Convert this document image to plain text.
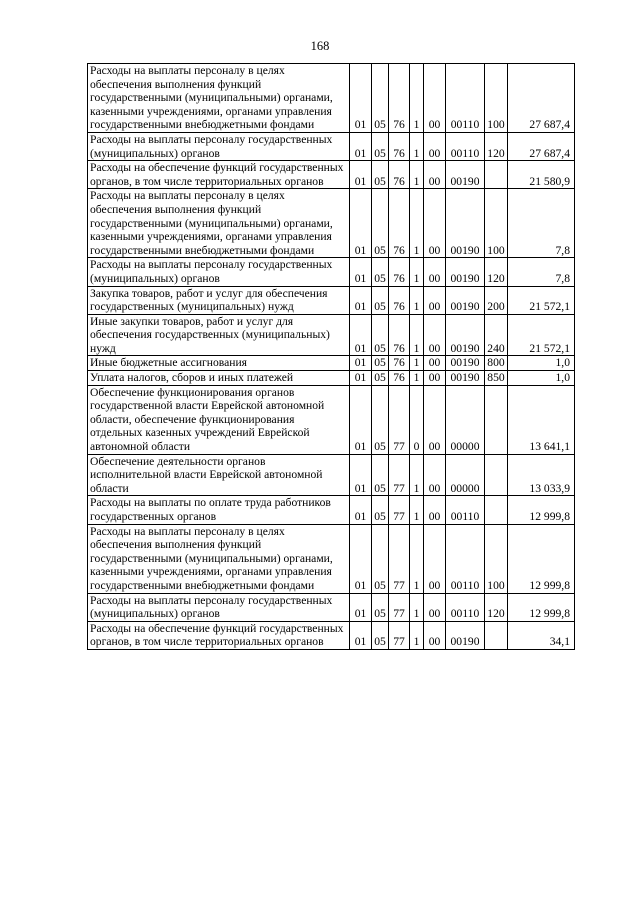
168
Расходы на выплаты персоналу в целях обеспечения выполнения функций государственными (муниципальными) органами, казенными учреждениями, органами управления государственными внебюджетными фондами	01	05	76	1	00	00110	100	27 687,4
Расходы на выплаты персоналу государственных (муниципальных) органов	01	05	76	1	00	00110	120	27 687,4
Расходы на обеспечение функций государственных органов, в том числе территориальных органов	01	05	76	1	00	00190		21 580,9
Расходы на выплаты персоналу в целях обеспечения выполнения функций государственными (муниципальными) органами, казенными учреждениями, органами управления государственными внебюджетными фондами	01	05	76	1	00	00190	100	7,8
Расходы на выплаты персоналу государственных (муниципальных) органов	01	05	76	1	00	00190	120	7,8
Закупка товаров, работ и услуг для обеспечения государственных (муниципальных) нужд	01	05	76	1	00	00190	200	21 572,1
Иные закупки товаров, работ и услуг для обеспечения государственных (муниципальных) нужд	01	05	76	1	00	00190	240	21 572,1
Иные бюджетные ассигнования	01	05	76	1	00	00190	800	1,0
Уплата налогов, сборов и иных платежей	01	05	76	1	00	00190	850	1,0
Обеспечение функционирования органов государственной власти Еврейской автономной области, обеспечение функционирования отдельных казенных учреждений Еврейской автономной области	01	05	77	0	00	00000		13 641,1
Обеспечение деятельности органов исполнительной власти Еврейской автономной области	01	05	77	1	00	00000		13 033,9
Расходы на выплаты по оплате труда работников государственных органов	01	05	77	1	00	00110		12 999,8
Расходы на выплаты персоналу в целях обеспечения выполнения функций государственными (муниципальными) органами, казенными учреждениями, органами управления государственными внебюджетными фондами	01	05	77	1	00	00110	100	12 999,8
Расходы на выплаты персоналу государственных (муниципальных) органов	01	05	77	1	00	00110	120	12 999,8
Расходы на обеспечение функций государственных органов, в том числе территориальных органов	01	05	77	1	00	00190		34,1
